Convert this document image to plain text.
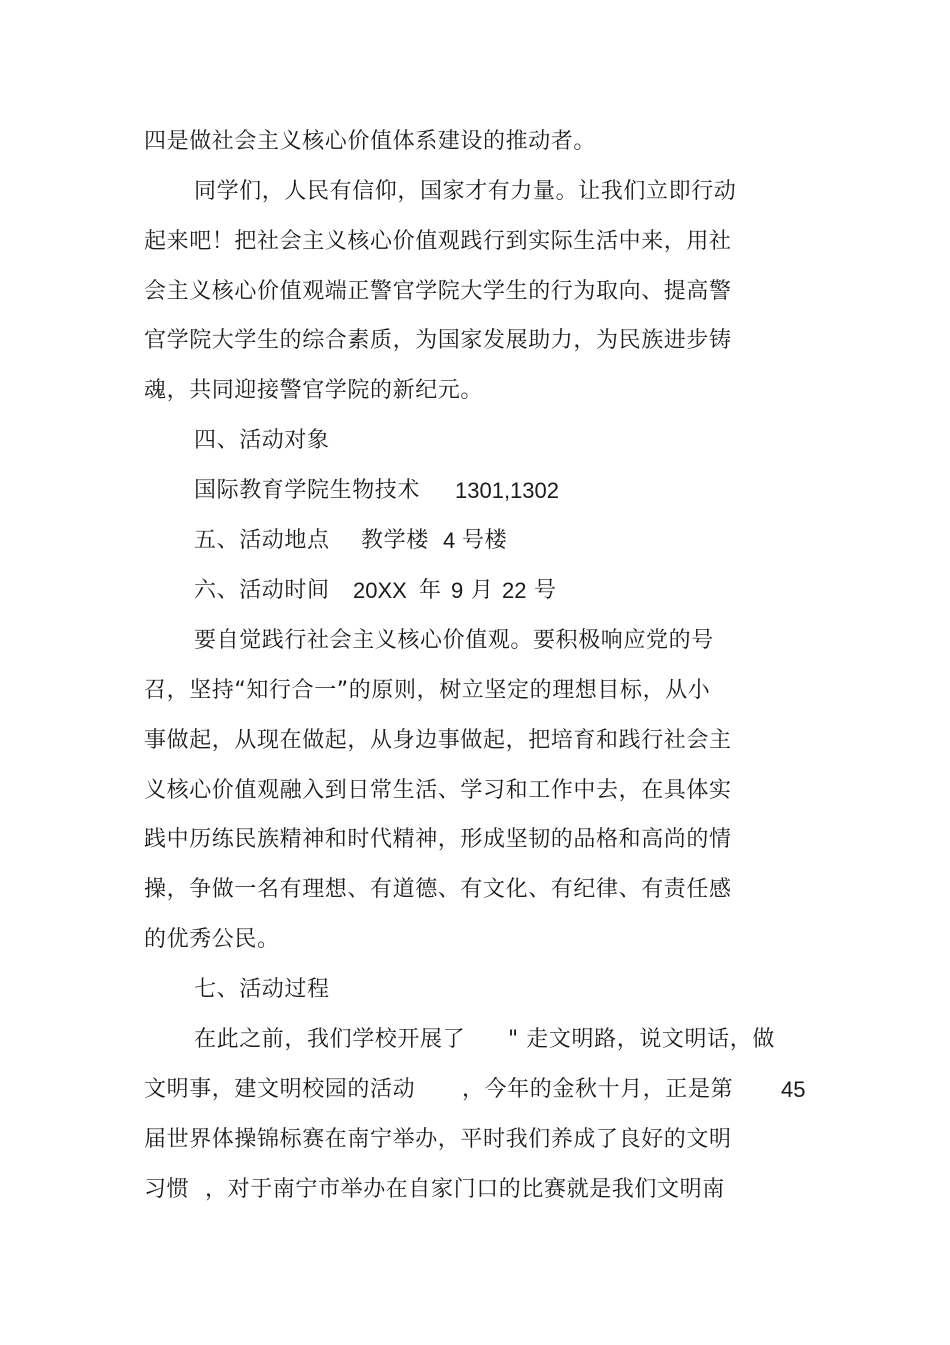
四是做社会主义核心价值体系建设的推动者。
同学们，人民有信仰，国家才有力量。让我们立即行动
起来吧！把社会主义核心价值观践行到实际生活中来，用社
会主义核心价值观端正警官学院大学生的行为取向、提高警
官学院大学生的综合素质，为国家发展助力，为民族进步铸
魂，共同迎接警官学院的新纪元。
四、活动对象
国际教育学院生物技术 1301,1302
五、活动地点 教学楼 4 号楼
六、活动时间 20XX 年 9 月 22 号
要自觉践行社会主义核心价值观。要积极响应党的号
召，坚持“知行合一”的原则，树立坚定的理想目标，从小
事做起，从现在做起，从身边事做起，把培育和践行社会主
义核心价值观融入到日常生活、学习和工作中去，在具体实
践中历练民族精神和时代精神，形成坚韧的品格和高尚的情
操，争做一名有理想、有道德、有文化、有纪律、有责任感
的优秀公民。
七、活动过程
在此之前，我们学校开展了 " 走文明路，说文明话，做
文明事，建文明校园的活动 ，今年的金秋十月，正是第 45
届世界体操锦标赛在南宁举办，平时我们养成了良好的文明
习惯 ，对于南宁市举办在自家门口的比赛就是我们文明南
